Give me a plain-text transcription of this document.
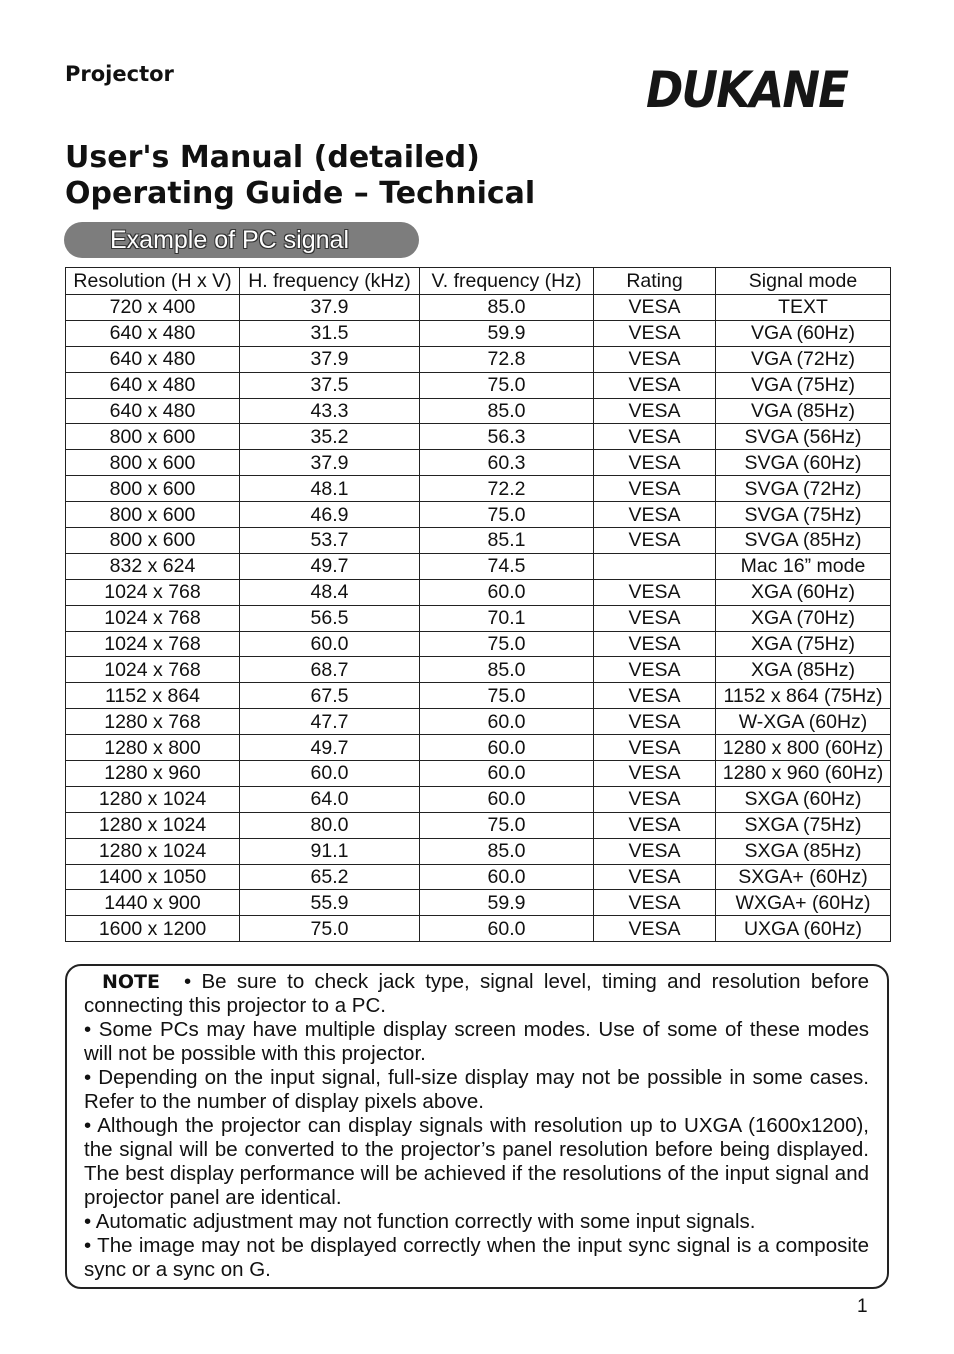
Projector	DUKANE

User's Manual (detailed)

Operating Guide – Technical

Example of PC signal
Resolution (H x V)	H. frequency (kHz)	V. frequency (Hz)	Rating	Signal mode
720 x 400	37.9	85.0	VESA	TEXT
640 x 480	31.5	59.9	VESA	VGA (60Hz)
640 x 480	37.9	72.8	VESA	VGA (72Hz)
640 x 480	37.5	75.0	VESA	VGA (75Hz)
640 x 480	43.3	85.0	VESA	VGA (85Hz)
800 x 600	35.2	56.3	VESA	SVGA (56Hz)
800 x 600	37.9	60.3	VESA	SVGA (60Hz)
800 x 600	48.1	72.2	VESA	SVGA (72Hz)
800 x 600	46.9	75.0	VESA	SVGA (75Hz)
800 x 600	53.7	85.1	VESA	SVGA (85Hz)
832 x 624	49.7	74.5		Mac 16” mode
1024 x 768	48.4	60.0	VESA	XGA (60Hz)
1024 x 768	56.5	70.1	VESA	XGA (70Hz)
1024 x 768	60.0	75.0	VESA	XGA (75Hz)
1024 x 768	68.7	85.0	VESA	XGA (85Hz)
1152 x 864	67.5	75.0	VESA	1152 x 864 (75Hz)
1280 x 768	47.7	60.0	VESA	W-XGA (60Hz)
1280 x 800	49.7	60.0	VESA	1280 x 800 (60Hz)
1280 x 960	60.0	60.0	VESA	1280 x 960 (60Hz)
1280 x 1024	64.0	60.0	VESA	SXGA (60Hz)
1280 x 1024	80.0	75.0	VESA	SXGA (75Hz)
1280 x 1024	91.1	85.0	VESA	SXGA (85Hz)
1400 x 1050	65.2	60.0	VESA	SXGA+ (60Hz)
1440 x 900	55.9	59.9	VESA	WXGA+ (60Hz)
1600 x 1200	75.0	60.0	VESA	UXGA (60Hz)

NOTE • Be sure to check jack type, signal level, timing and resolution before connecting this projector to a PC.

• Some PCs may have multiple display screen modes. Use of some of these modes will not be possible with this projector.

• Depending on the input signal, full-size display may not be possible in some cases. Refer to the number of display pixels above.

• Although the projector can display signals with resolution up to UXGA (1600x1200), the signal will be converted to the projector’s panel resolution before being displayed. The best display performance will be achieved if the resolutions of the input signal and projector panel are identical.

• Automatic adjustment may not function correctly with some input signals.

• The image may not be displayed correctly when the input sync signal is a composite sync or a sync on G.

1
